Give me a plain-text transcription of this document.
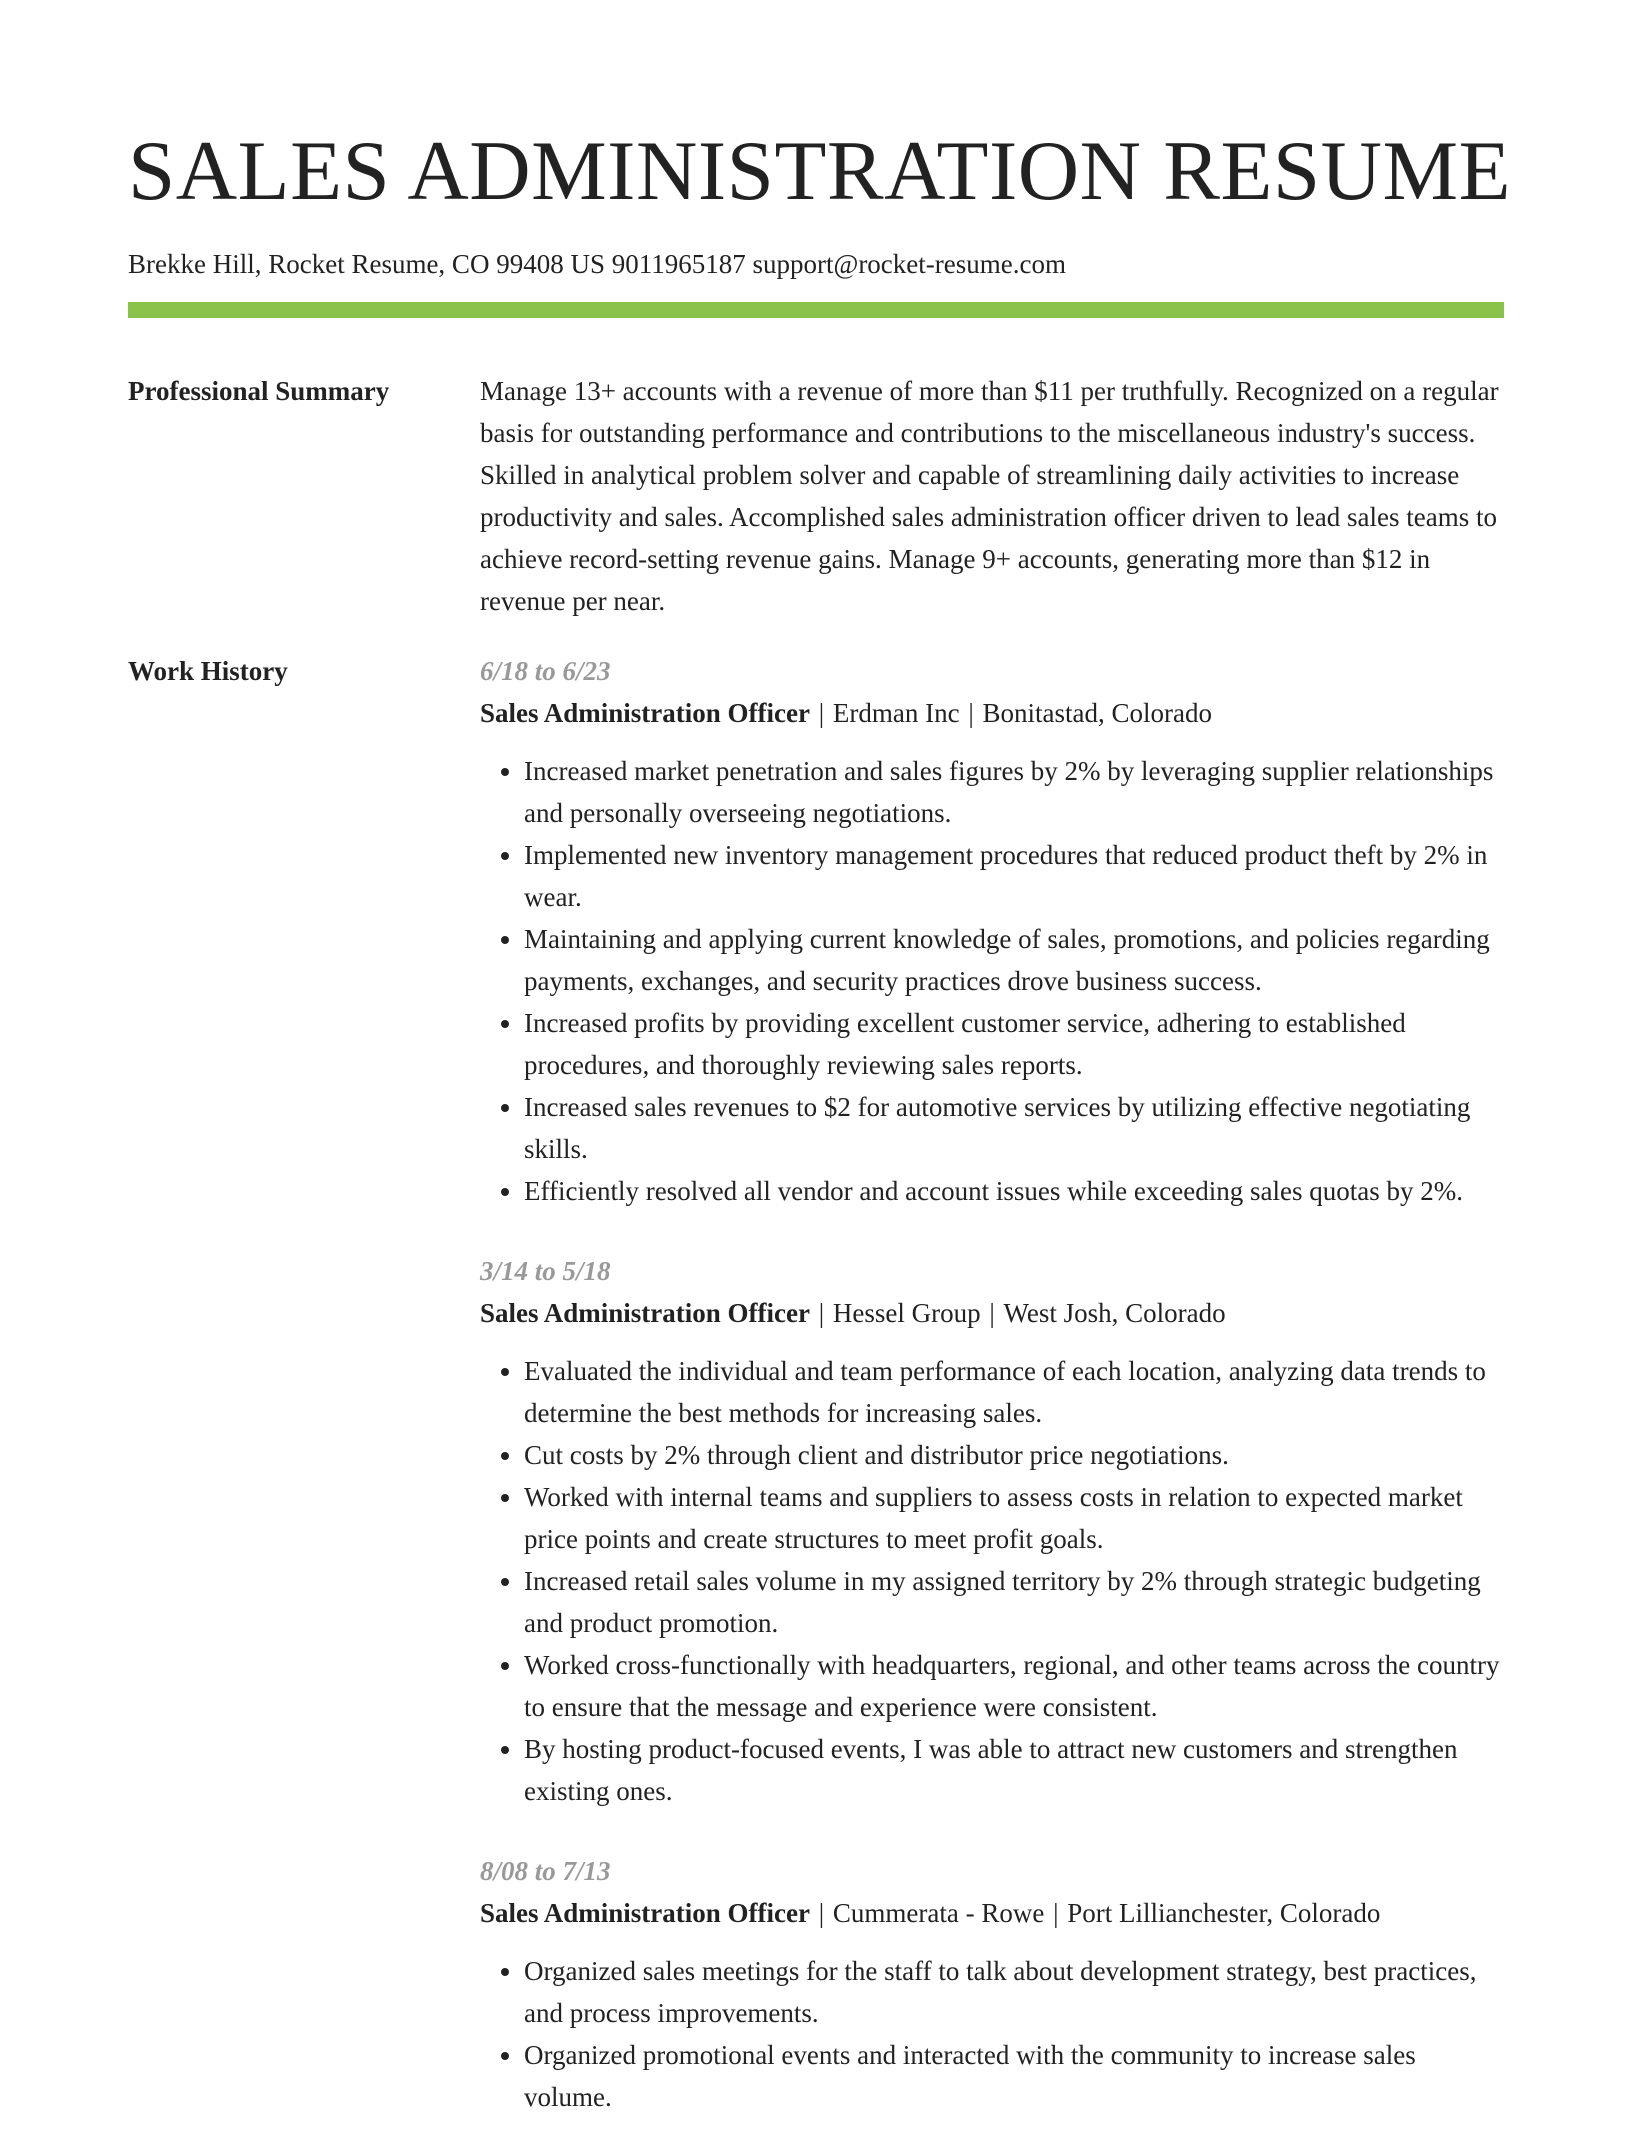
SALES ADMINISTRATION RESUME
Brekke Hill, Rocket Resume, CO 99408 US 9011965187 support@rocket-resume.com
Professional Summary	Manage 13+ accounts with a revenue of more than $11 per truthfully. Recognized on a regular basis for outstanding performance and contributions to the miscellaneous industry's success. Skilled in analytical problem solver and capable of streamlining daily activities to increase productivity and sales. Accomplished sales administration officer driven to lead sales teams to achieve record-setting revenue gains. Manage 9+ accounts, generating more than $12 in revenue per near.

Work History	6/18 to 6/23
Sales Administration Officer | Erdman Inc | Bonitastad, Colorado
• Increased market penetration and sales figures by 2% by leveraging supplier relationships and personally overseeing negotiations.
• Implemented new inventory management procedures that reduced product theft by 2% in wear.
• Maintaining and applying current knowledge of sales, promotions, and policies regarding payments, exchanges, and security practices drove business success.
• Increased profits by providing excellent customer service, adhering to established procedures, and thoroughly reviewing sales reports.
• Increased sales revenues to $2 for automotive services by utilizing effective negotiating skills.
• Efficiently resolved all vendor and account issues while exceeding sales quotas by 2%.
3/14 to 5/18
Sales Administration Officer | Hessel Group | West Josh, Colorado
• Evaluated the individual and team performance of each location, analyzing data trends to determine the best methods for increasing sales.
• Cut costs by 2% through client and distributor price negotiations.
• Worked with internal teams and suppliers to assess costs in relation to expected market price points and create structures to meet profit goals.
• Increased retail sales volume in my assigned territory by 2% through strategic budgeting and product promotion.
• Worked cross-functionally with headquarters, regional, and other teams across the country to ensure that the message and experience were consistent.
• By hosting product-focused events, I was able to attract new customers and strengthen existing ones.
8/08 to 7/13
Sales Administration Officer | Cummerata - Rowe | Port Lillianchester, Colorado
• Organized sales meetings for the staff to talk about development strategy, best practices, and process improvements.
• Organized promotional events and interacted with the community to increase sales volume.
